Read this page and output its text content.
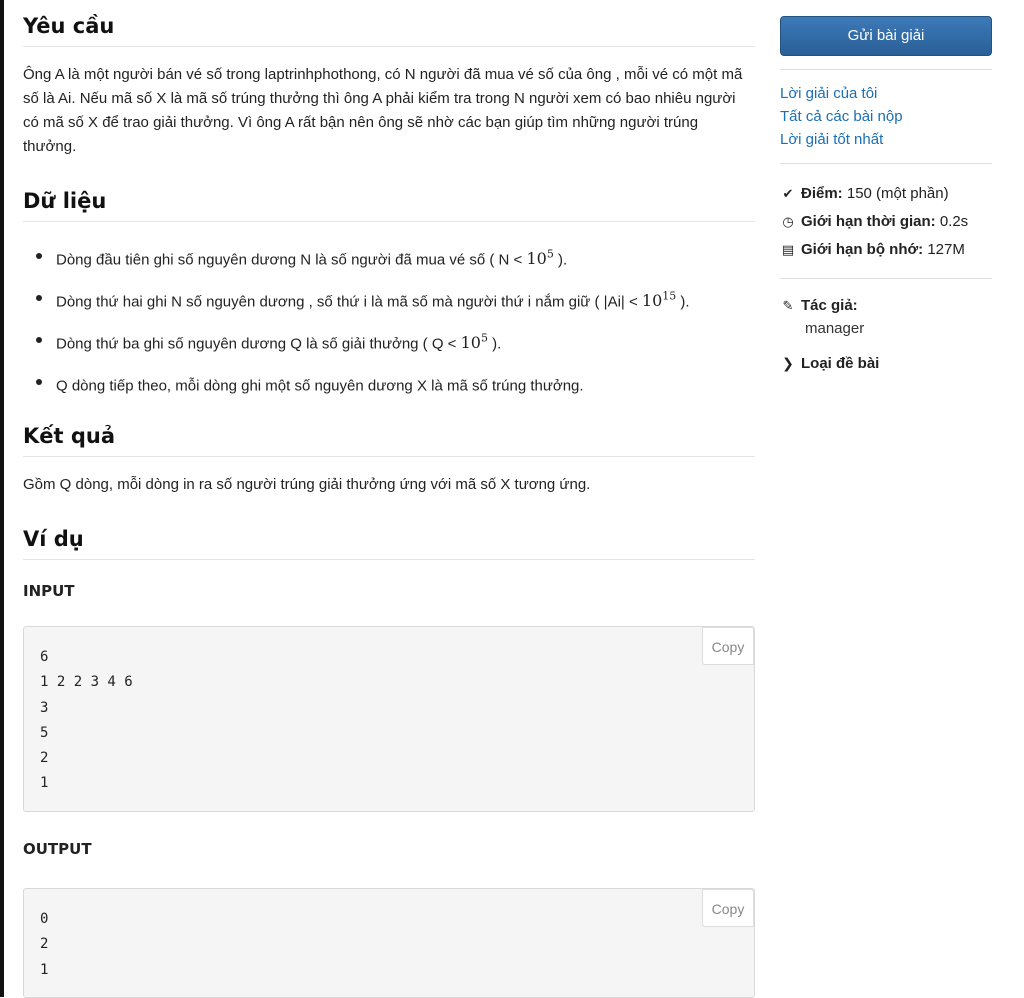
Yêu cầu

Ông A là một người bán vé số trong laptrinhphothong, có N người đã mua vé số của ông , mỗi vé có một mã số là Ai. Nếu mã số X là mã số trúng thưởng thì ông A phải kiểm tra trong N người xem có bao nhiêu người có mã số X để trao giải thưởng. Vì ông A rất bận nên ông sẽ nhờ các bạn giúp tìm những người trúng thưởng.

Dữ liệu
Dòng đầu tiên ghi số nguyên dương N là số người đã mua vé số ( $N < 10^5$ ).
Dòng thứ hai ghi N số nguyên dương , số thứ i là mã số mà người thứ i nắm giữ ( $|Ai| < 10^{15}$ ).
Dòng thứ ba ghi số nguyên dương Q là số giải thưởng ( $Q < 10^5$ ).
Q dòng tiếp theo, mỗi dòng ghi một số nguyên dương X là mã số trúng thưởng.
Kết quả

Gồm Q dòng, mỗi dòng in ra số người trúng giải thưởng ứng với mã số X tương ứng.

Ví dụ
INPUT
Copy
6
1 2 2 3 4 6
3
5
2
1
OUTPUT
Copy
0
2
1
Gửi bài giải
Lời giải của tôi
Tất cả các bài nộp
Lời giải tốt nhất
✔ Điểm: 150 (một phần)
◷ Giới hạn thời gian: 0.2s
▤ Giới hạn bộ nhớ: 127M
✎ Tác giả:
manager
❯ Loại đề bài
